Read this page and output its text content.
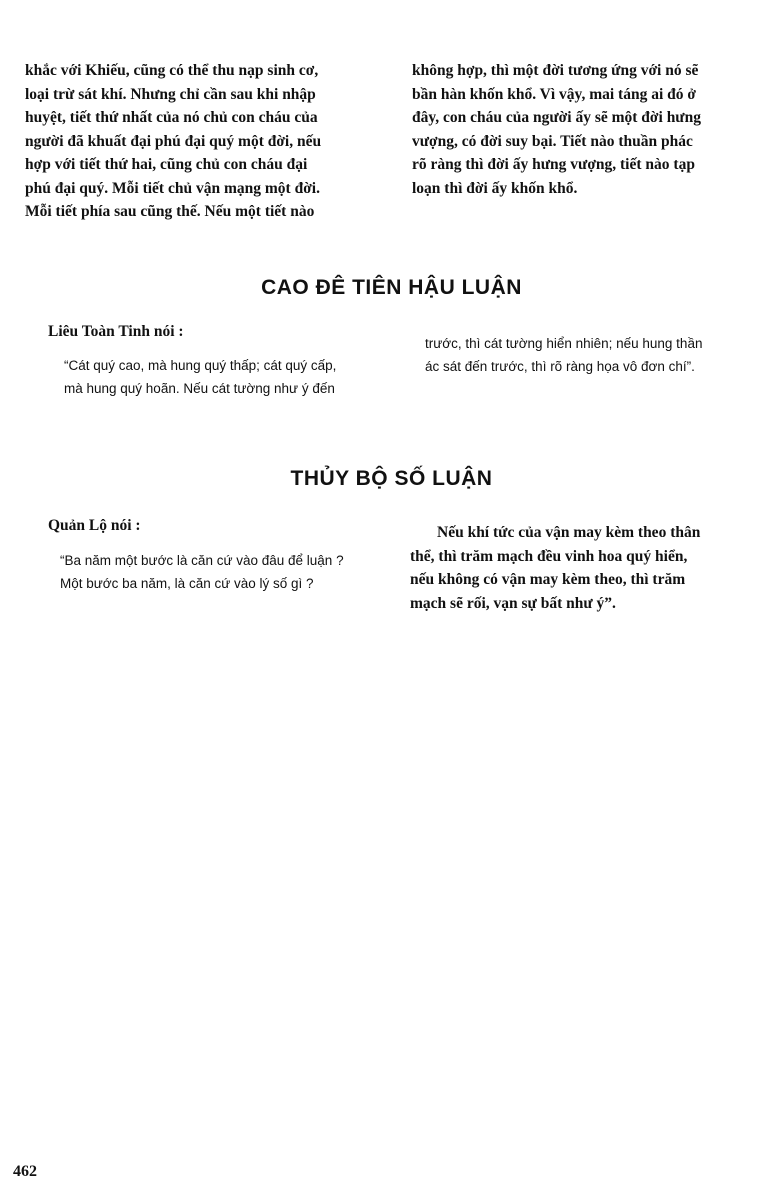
khắc với Khiếu, cũng có thể thu nạp sinh cơ,
loại trừ sát khí. Nhưng chỉ cần sau khi nhập
huyệt, tiết thứ nhất của nó chủ con cháu của
người đã khuất đại phú đại quý một đời, nếu
hợp với tiết thứ hai, cũng chủ con cháu đại
phú đại quý. Mỗi tiết chủ vận mạng một đời.
Mỗi tiết phía sau cũng thế. Nếu một tiết nào
không hợp, thì một đời tương ứng với nó sẽ
bần hàn khốn khổ. Vì vậy, mai táng ai đó ở
đây, con cháu của người ấy sẽ một đời hưng
vượng, có đời suy bại. Tiết nào thuần phác
rõ ràng thì đời ấy hưng vượng, tiết nào tạp
loạn thì đời ấy khốn khổ.
CAO ĐÊ TIÊN HẬU LUẬN
Liêu Toàn Tinh nói :
“Cát quý cao, mà hung quý thấp; cát quý cấp,
mà hung quý hoãn. Nếu cát tường như ý đến
trước, thì cát tường hiển nhiên; nếu hung thần
ác sát đến trước, thì rõ ràng họa vô đơn chí”.
THỦY BỘ SỐ LUẬN
Quản Lộ nói :
“Ba năm một bước là căn cứ vào đâu để luận ?
Một bước ba năm, là căn cứ vào lý số gì ?
Nếu khí tức của vận may kèm theo thân
thể, thì trăm mạch đều vinh hoa quý hiển,
nếu không có vận may kèm theo, thì trăm
mạch sẽ rối, vạn sự bất như ý”.
462
